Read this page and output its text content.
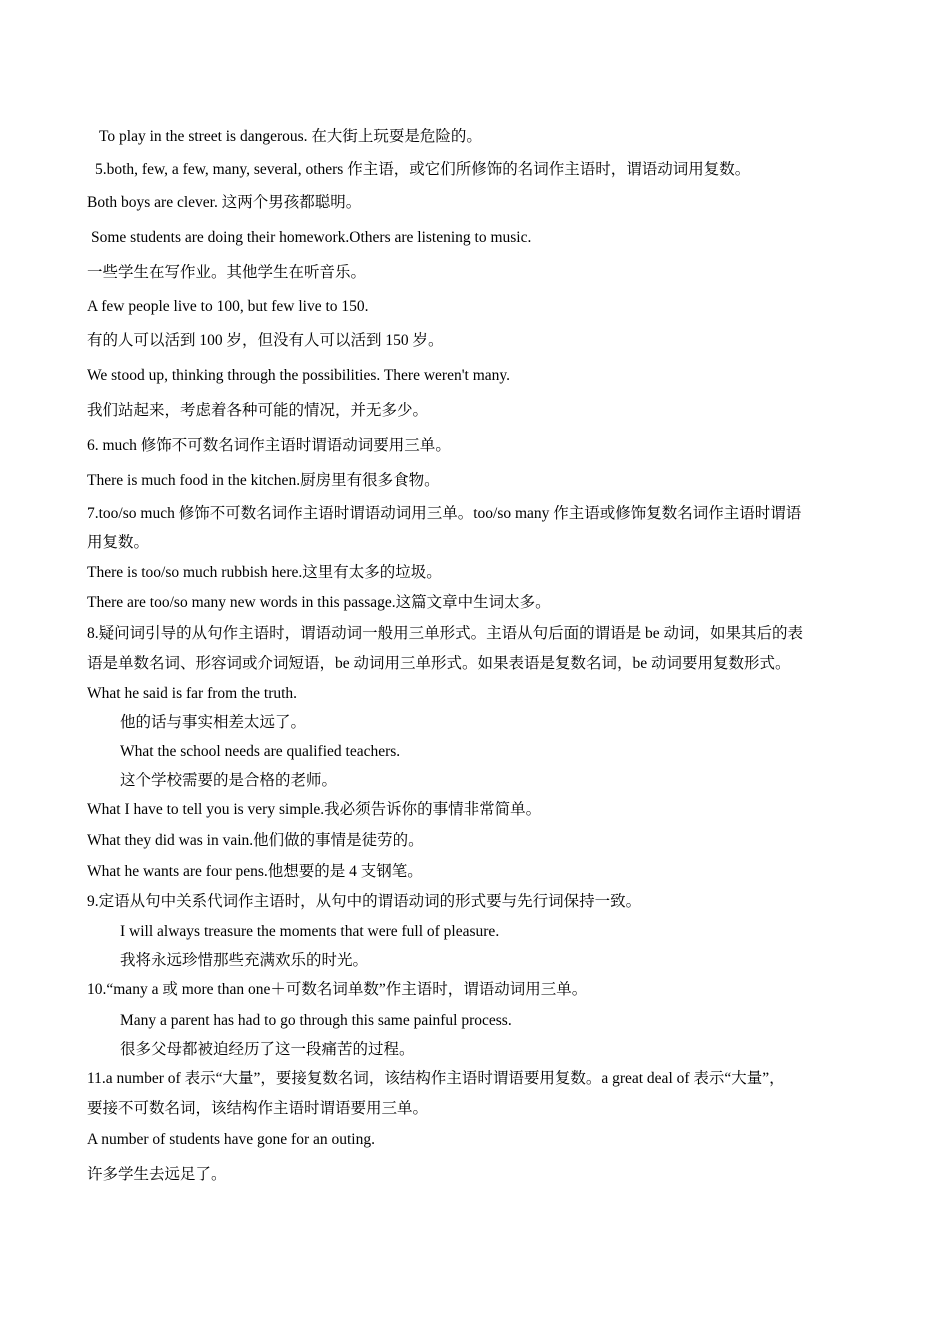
To play in the street is dangerous. 在大街上玩耍是危险的。
5.both, few, a few, many, several, others 作主语，或它们所修饰的名词作主语时，谓语动词用复数。
Both boys are clever. 这两个男孩都聪明。
Some students are doing their homework.Others are listening to music.
一些学生在写作业。其他学生在听音乐。
A few people live to 100, but few live to 150.
有的人可以活到 100 岁，但没有人可以活到 150 岁。
We stood up, thinking through the possibilities. There weren't many.
我们站起来，考虑着各种可能的情况，并无多少。
6. much 修饰不可数名词作主语时谓语动词要用三单。
There is much food in the kitchen.厨房里有很多食物。
7.too/so much 修饰不可数名词作主语时谓语动词用三单。too/so many 作主语或修饰复数名词作主语时谓语
用复数。
There is too/so much rubbish here.这里有太多的垃圾。
There are too/so many new words in this passage.这篇文章中生词太多。
8.疑问词引导的从句作主语时，谓语动词一般用三单形式。主语从句后面的谓语是 be 动词，如果其后的表
语是单数名词、形容词或介词短语，be 动词用三单形式。如果表语是复数名词，be 动词要用复数形式。
What he said is far from the truth.
他的话与事实相差太远了。
What the school needs are qualified teachers.
这个学校需要的是合格的老师。
What I have to tell you is very simple.我必须告诉你的事情非常简单。
What they did was in vain.他们做的事情是徒劳的。
What he wants are four pens.他想要的是 4 支钢笔。
9.定语从句中关系代词作主语时，从句中的谓语动词的形式要与先行词保持一致。
I will always treasure the moments that were full of pleasure.
我将永远珍惜那些充满欢乐的时光。
10.“many a 或 more than one＋可数名词单数”作主语时，谓语动词用三单。
Many a parent has had to go through this same painful process.
很多父母都被迫经历了这一段痛苦的过程。
11.a number of 表示“大量”，要接复数名词，该结构作主语时谓语要用复数。a great deal of 表示“大量”，
要接不可数名词，该结构作主语时谓语要用三单。
A number of students have gone for an outing.
许多学生去远足了。
